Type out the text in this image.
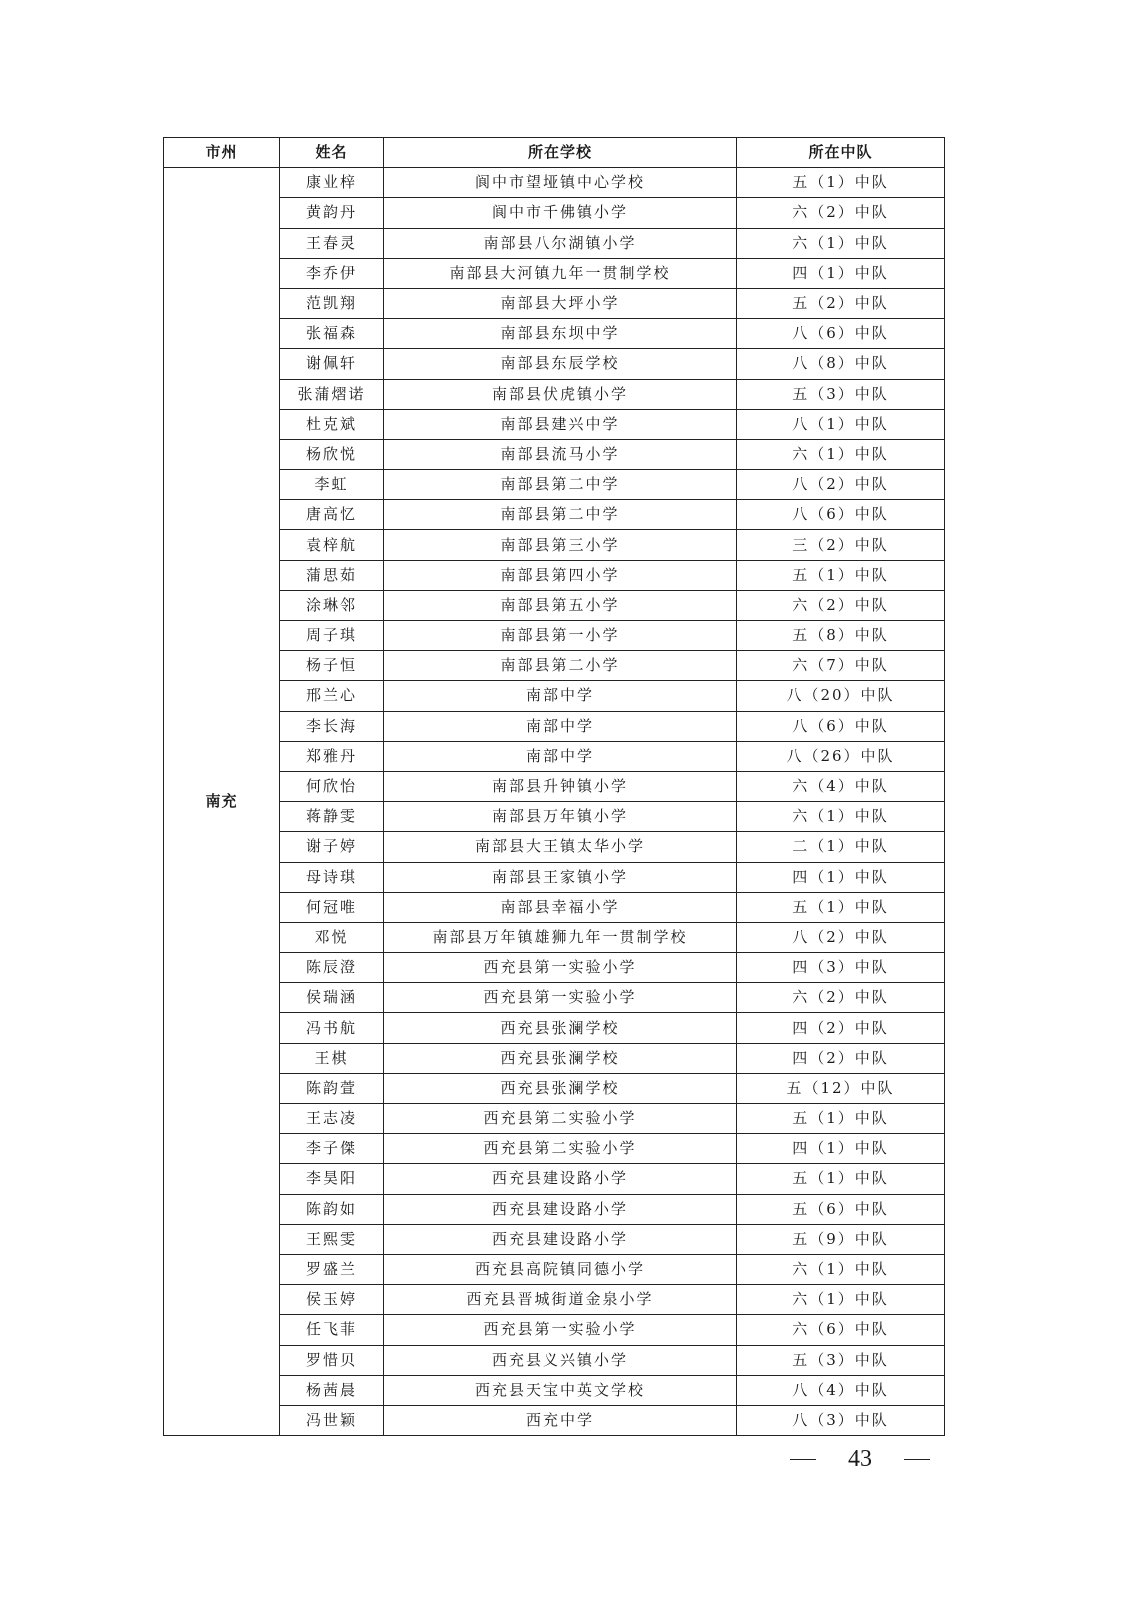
市州	姓名	所在学校	所在中队
南充	康业梓	阆中市望垭镇中心学校	五（1）中队
	黄韵丹	阆中市千佛镇小学	六（2）中队
	王春灵	南部县八尔湖镇小学	六（1）中队
	李乔伊	南部县大河镇九年一贯制学校	四（1）中队
	范凯翔	南部县大坪小学	五（2）中队
	张福森	南部县东坝中学	八（6）中队
	谢佩轩	南部县东辰学校	八（8）中队
	张蒲熠诺	南部县伏虎镇小学	五（3）中队
	杜克斌	南部县建兴中学	八（1）中队
	杨欣悦	南部县流马小学	六（1）中队
	李虹	南部县第二中学	八（2）中队
	唐高忆	南部县第二中学	八（6）中队
	袁梓航	南部县第三小学	三（2）中队
	蒲思茹	南部县第四小学	五（1）中队
	涂琳邻	南部县第五小学	六（2）中队
	周子琪	南部县第一小学	五（8）中队
	杨子恒	南部县第二小学	六（7）中队
	邢兰心	南部中学	八（20）中队
	李长海	南部中学	八（6）中队
	郑雅丹	南部中学	八（26）中队
	何欣怡	南部县升钟镇小学	六（4）中队
	蒋静雯	南部县万年镇小学	六（1）中队
	谢子婷	南部县大王镇太华小学	二（1）中队
	母诗琪	南部县王家镇小学	四（1）中队
	何冠唯	南部县幸福小学	五（1）中队
	邓悦	南部县万年镇雄狮九年一贯制学校	八（2）中队
	陈辰澄	西充县第一实验小学	四（3）中队
	侯瑞涵	西充县第一实验小学	六（2）中队
	冯书航	西充县张澜学校	四（2）中队
	王棋	西充县张澜学校	四（2）中队
	陈韵萱	西充县张澜学校	五（12）中队
	王志凌	西充县第二实验小学	五（1）中队
	李子傑	西充县第二实验小学	四（1）中队
	李昊阳	西充县建设路小学	五（1）中队
	陈韵如	西充县建设路小学	五（6）中队
	王熙雯	西充县建设路小学	五（9）中队
	罗盛兰	西充县高院镇同德小学	六（1）中队
	侯玉婷	西充县晋城街道金泉小学	六（1）中队
	任飞菲	西充县第一实验小学	六（6）中队
	罗惜贝	西充县义兴镇小学	五（3）中队
	杨茜晨	西充县天宝中英文学校	八（4）中队
	冯世颖	西充中学	八（3）中队
43
